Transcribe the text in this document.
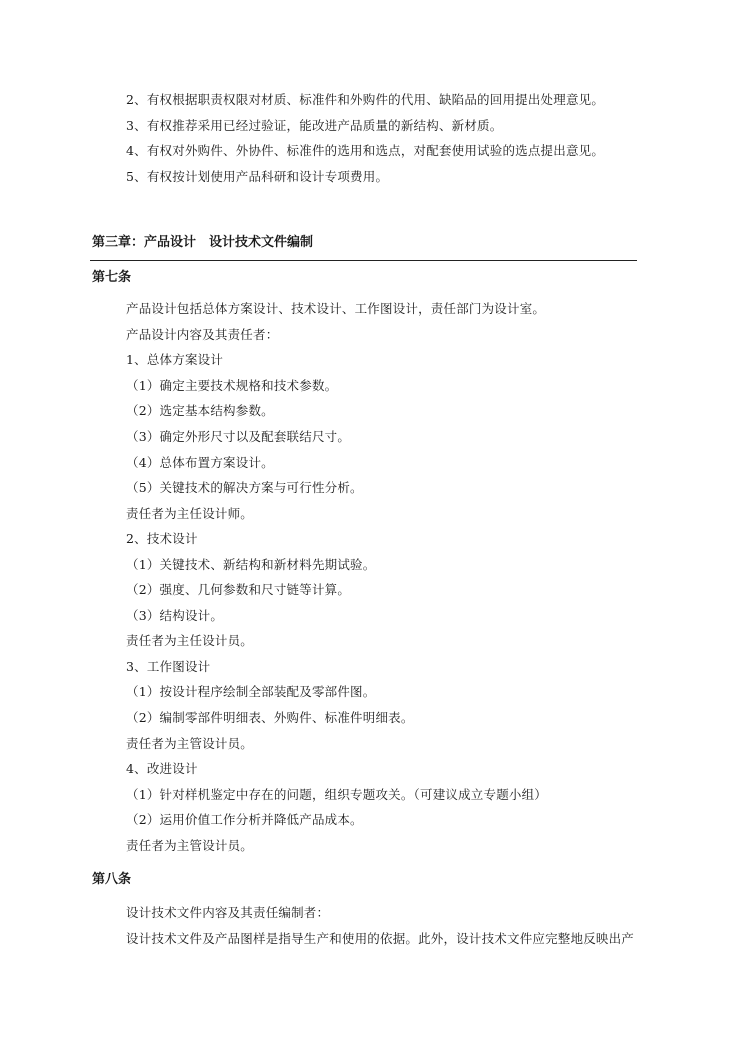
2、有权根据职责权限对材质、标准件和外购件的代用、缺陷品的回用提出处理意见。
3、有权推荐采用已经过验证，能改进产品质量的新结构、新材质。
4、有权对外购件、外协件、标准件的选用和选点，对配套使用试验的选点提出意见。
5、有权按计划使用产品科研和设计专项费用。
第三章：产品设计　设计技术文件编制
第七条
产品设计包括总体方案设计、技术设计、工作图设计，责任部门为设计室。
产品设计内容及其责任者：
1、总体方案设计
（1）确定主要技术规格和技术参数。
（2）选定基本结构参数。
（3）确定外形尺寸以及配套联结尺寸。
（4）总体布置方案设计。
（5）关键技术的解决方案与可行性分析。
责任者为主任设计师。
2、技术设计
（1）关键技术、新结构和新材料先期试验。
（2）强度、几何参数和尺寸链等计算。
（3）结构设计。
责任者为主任设计员。
3、工作图设计
（1）按设计程序绘制全部装配及零部件图。
（2）编制零部件明细表、外购件、标准件明细表。
责任者为主管设计员。
4、改进设计
（1）针对样机鉴定中存在的问题，组织专题攻关。（可建议成立专题小组）
（2）运用价值工作分析并降低产品成本。
责任者为主管设计员。
第八条
设计技术文件内容及其责任编制者：
设计技术文件及产品图样是指导生产和使用的依据。此外，设计技术文件应完整地反映出产
